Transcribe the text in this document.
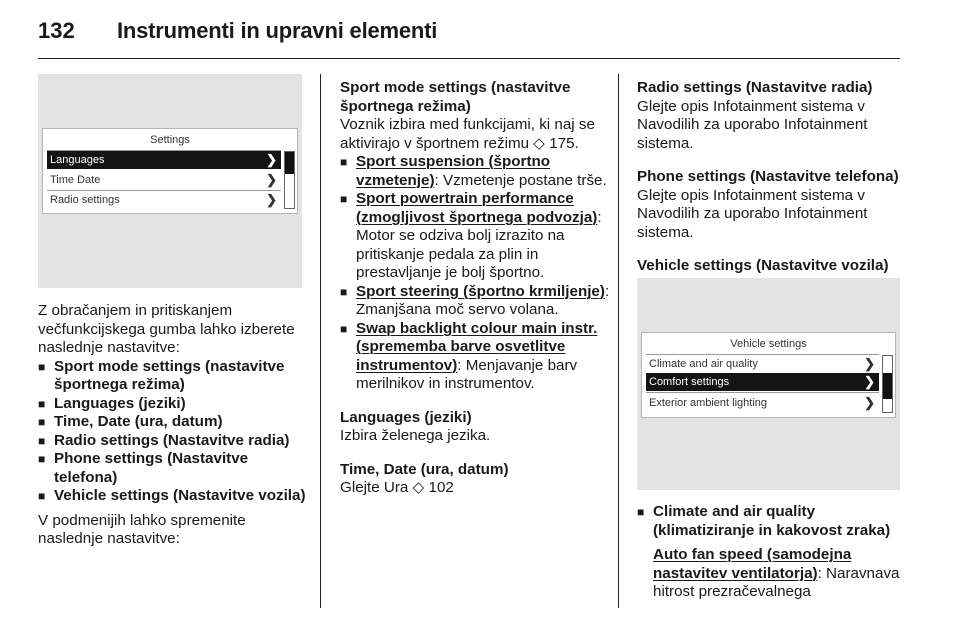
132 Instrumenti in upravni elementi
Settings
Languages	❯
Time Date	❯
Radio settings	❯

Z obračanjem in pritiskanjem večfunkcijskega gumba lahko izberete naslednje nastavitve:

■ Sport mode settings (nastavitve športnega režima)

■ Languages (jeziki)

■ Time, Date (ura, datum)

■ Radio settings (Nastavitve radia)

■ Phone settings (Nastavitve telefona)

■ Vehicle settings (Nastavitve vozila)

V podmenijih lahko spremenite naslednje nastavitve:

Sport mode settings (nastavitve športnega režima)

Voznik izbira med funkcijami, ki naj se aktivirajo v športnem režimu ◇ 175.

■ Sport suspension (športno vzmetenje): Vzmetenje postane trše.

■ Sport powertrain performance (zmogljivost športnega podvozja): Motor se odziva bolj izrazito na pritiskanje pedala za plin in prestavljanje je bolj športno.

■ Sport steering (športno krmiljenje): Zmanjšana moč servo volana.

■ Swap backlight colour main instr. (sprememba barve osvetlitve instrumentov): Menjavanje barv merilnikov in instrumentov.

Languages (jeziki)

Izbira želenega jezika.

Time, Date (ura, datum)

Glejte Ura ◇ 102

Radio settings (Nastavitve radia)

Glejte opis Infotainment sistema v Navodilih za uporabo Infotainment sistema.

Phone settings (Nastavitve telefona)

Glejte opis Infotainment sistema v Navodilih za uporabo Infotainment sistema.

Vehicle settings (Nastavitve vozila)

Vehicle settings
Climate and air quality	❯
Comfort settings	❯
Exterior ambient lighting	❯

■ Climate and air quality (klimatiziranje in kakovost zraka)

Auto fan speed (samodejna nastavitev ventilatorja): Naravnava hitrost prezračevalnega
